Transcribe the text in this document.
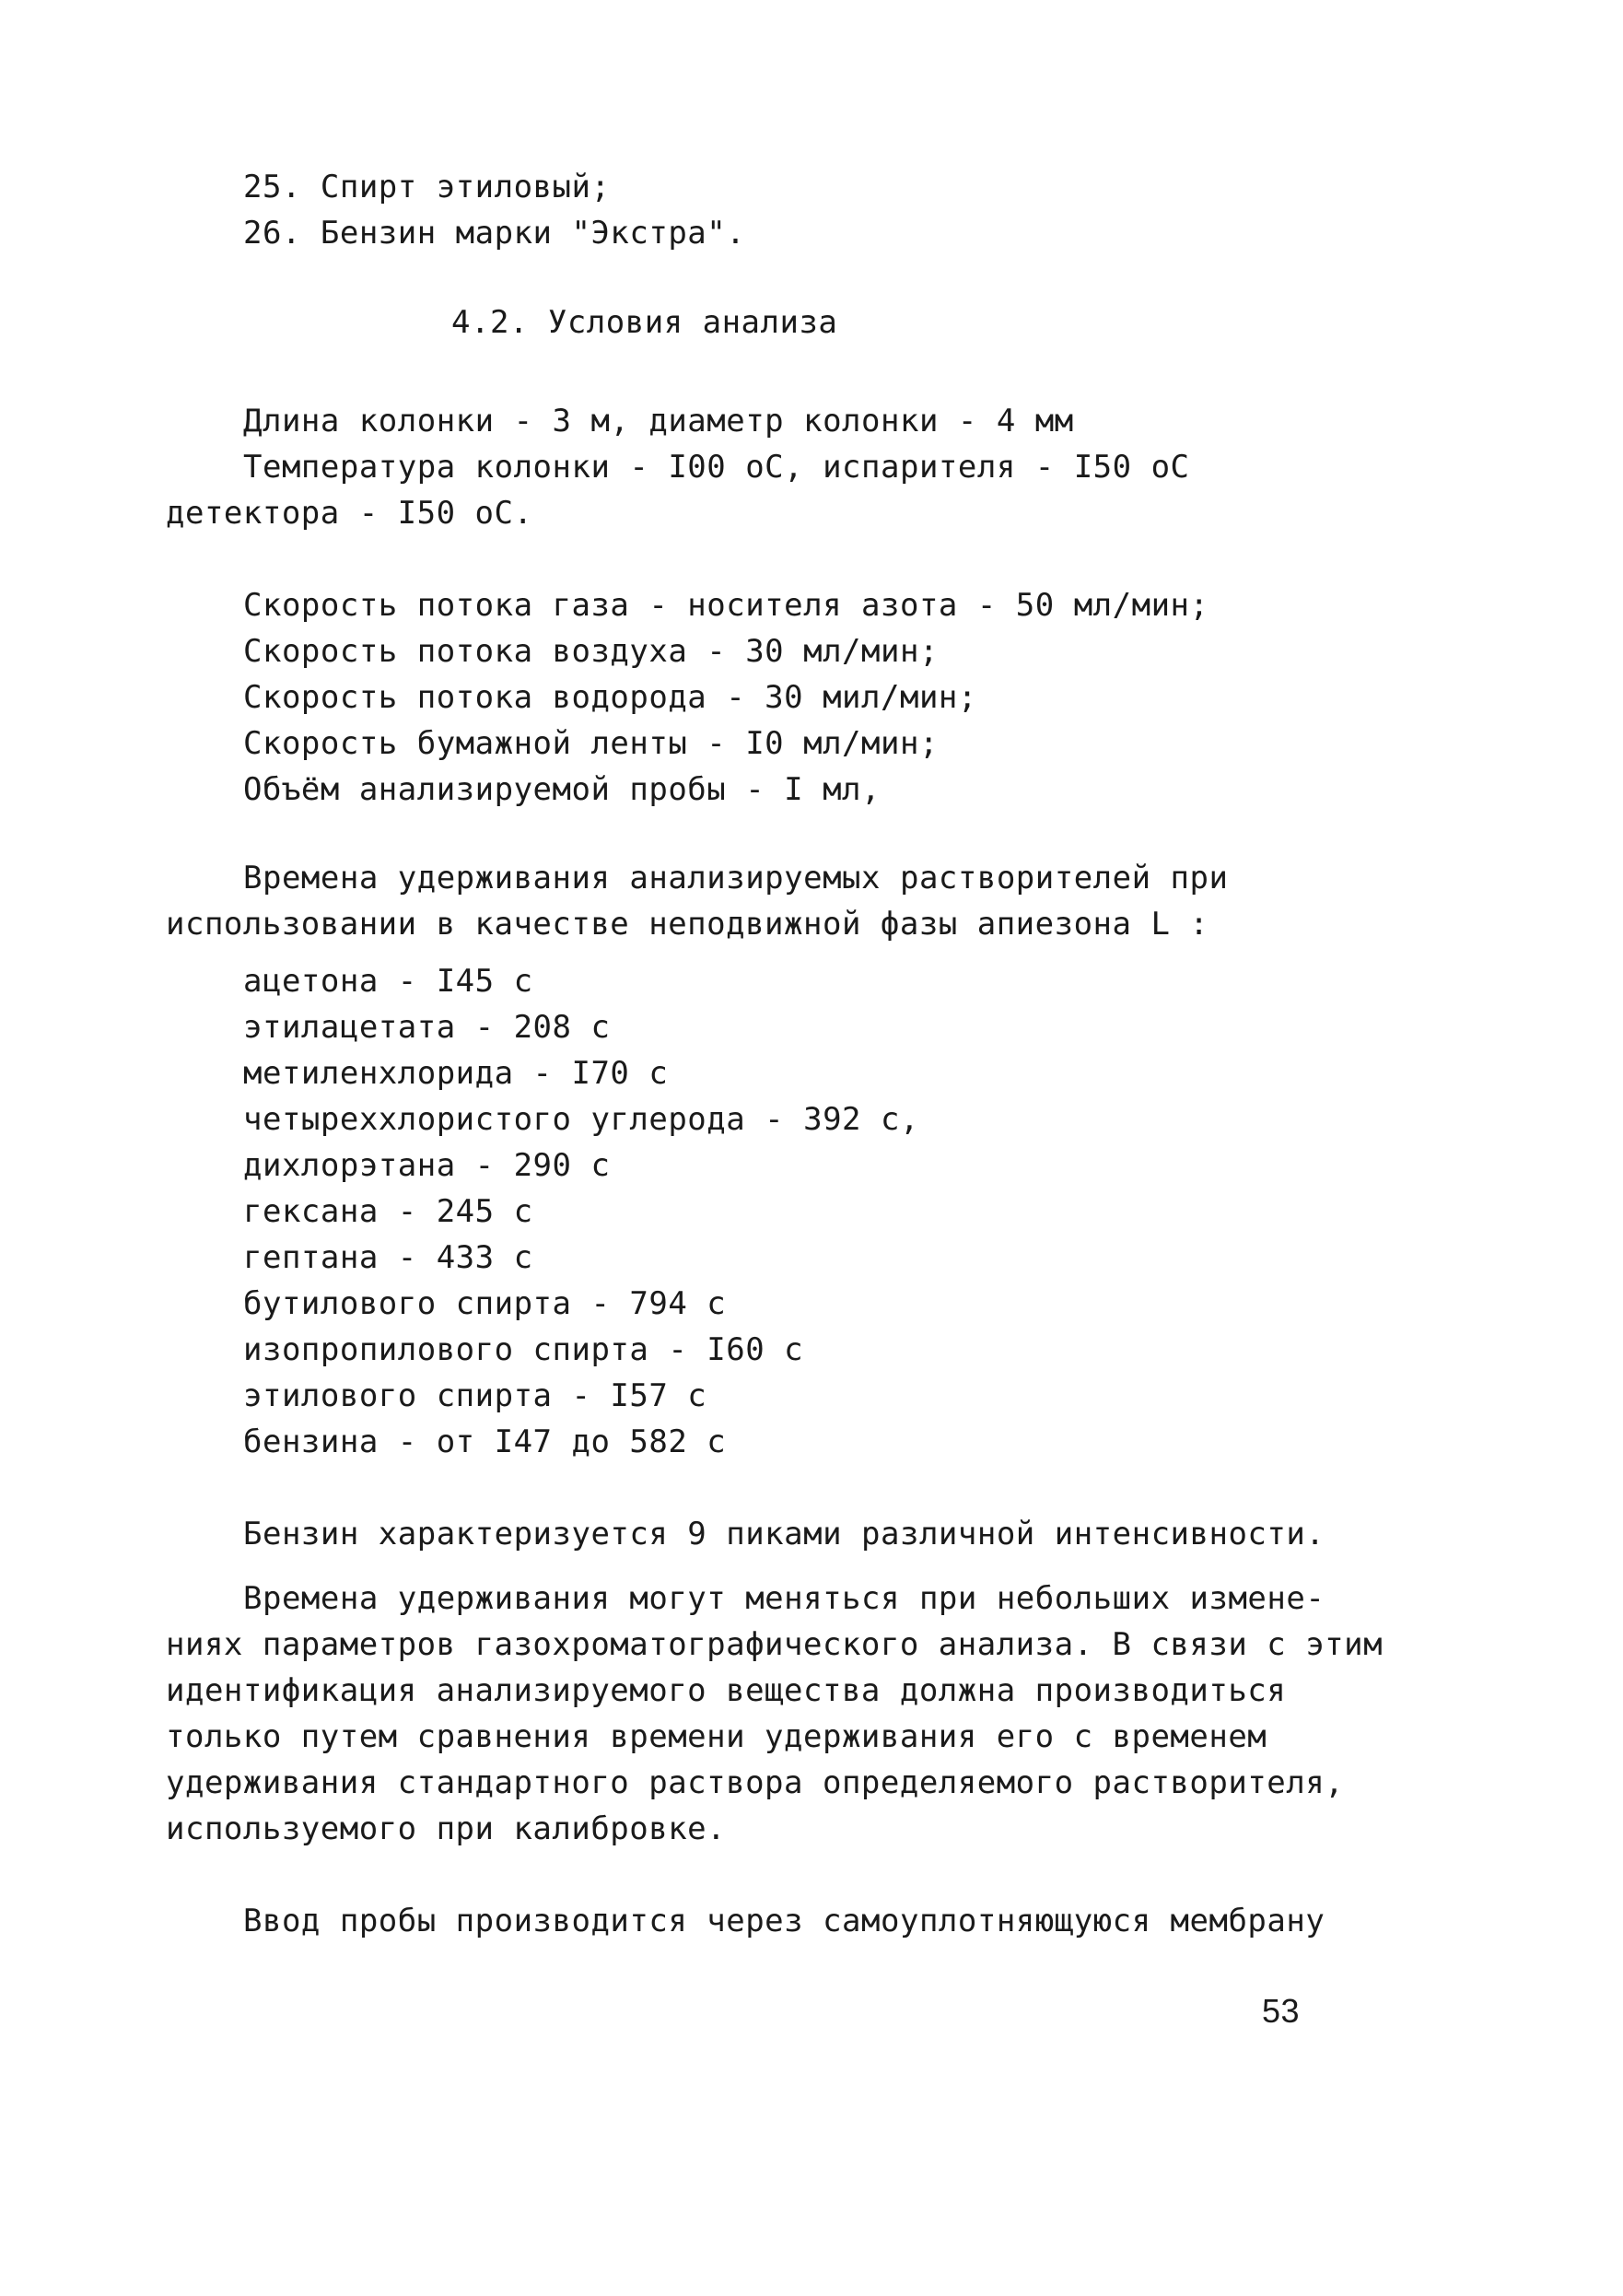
25. Спирт этиловый;
26. Бензин марки "Экстра".
4.2. Условия анализа
Длина колонки - 3 м, диаметр колонки - 4 мм
Температура колонки - I00 оС, испарителя - I50 оС
детектора - I50 оС.
Скорость потока газа - носителя азота - 50 мл/мин;
Скорость потока воздуха - 30 мл/мин;
Скорость потока водорода - 30 мил/мин;
Скорость бумажной ленты - I0 мл/мин;
Объём анализируемой пробы - I мл,
Времена удерживания анализируемых растворителей при
использовании в качестве неподвижной фазы апиезона L :
ацетона - I45 с
этилацетата - 208 с
метиленхлорида - I70 с
четыреххлористого углерода - 392 с,
дихлорэтана - 290 с
гексана - 245 с
гептана - 433 с
бутилового спирта - 794 с
изопропилового спирта - I60 с
этилового спирта - I57 с
бензина - от I47 до 582 с
Бензин характеризуется 9 пиками различной интенсивности.
Времена удерживания могут меняться при небольших измене-
ниях параметров газохроматографического анализа. В связи с этим
идентификация анализируемого вещества должна производиться
только путем сравнения времени удерживания его с временем
удерживания стандартного раствора определяемого растворителя,
используемого при калибровке.
Ввод пробы производится через самоуплотняющуюся мембрану
53
